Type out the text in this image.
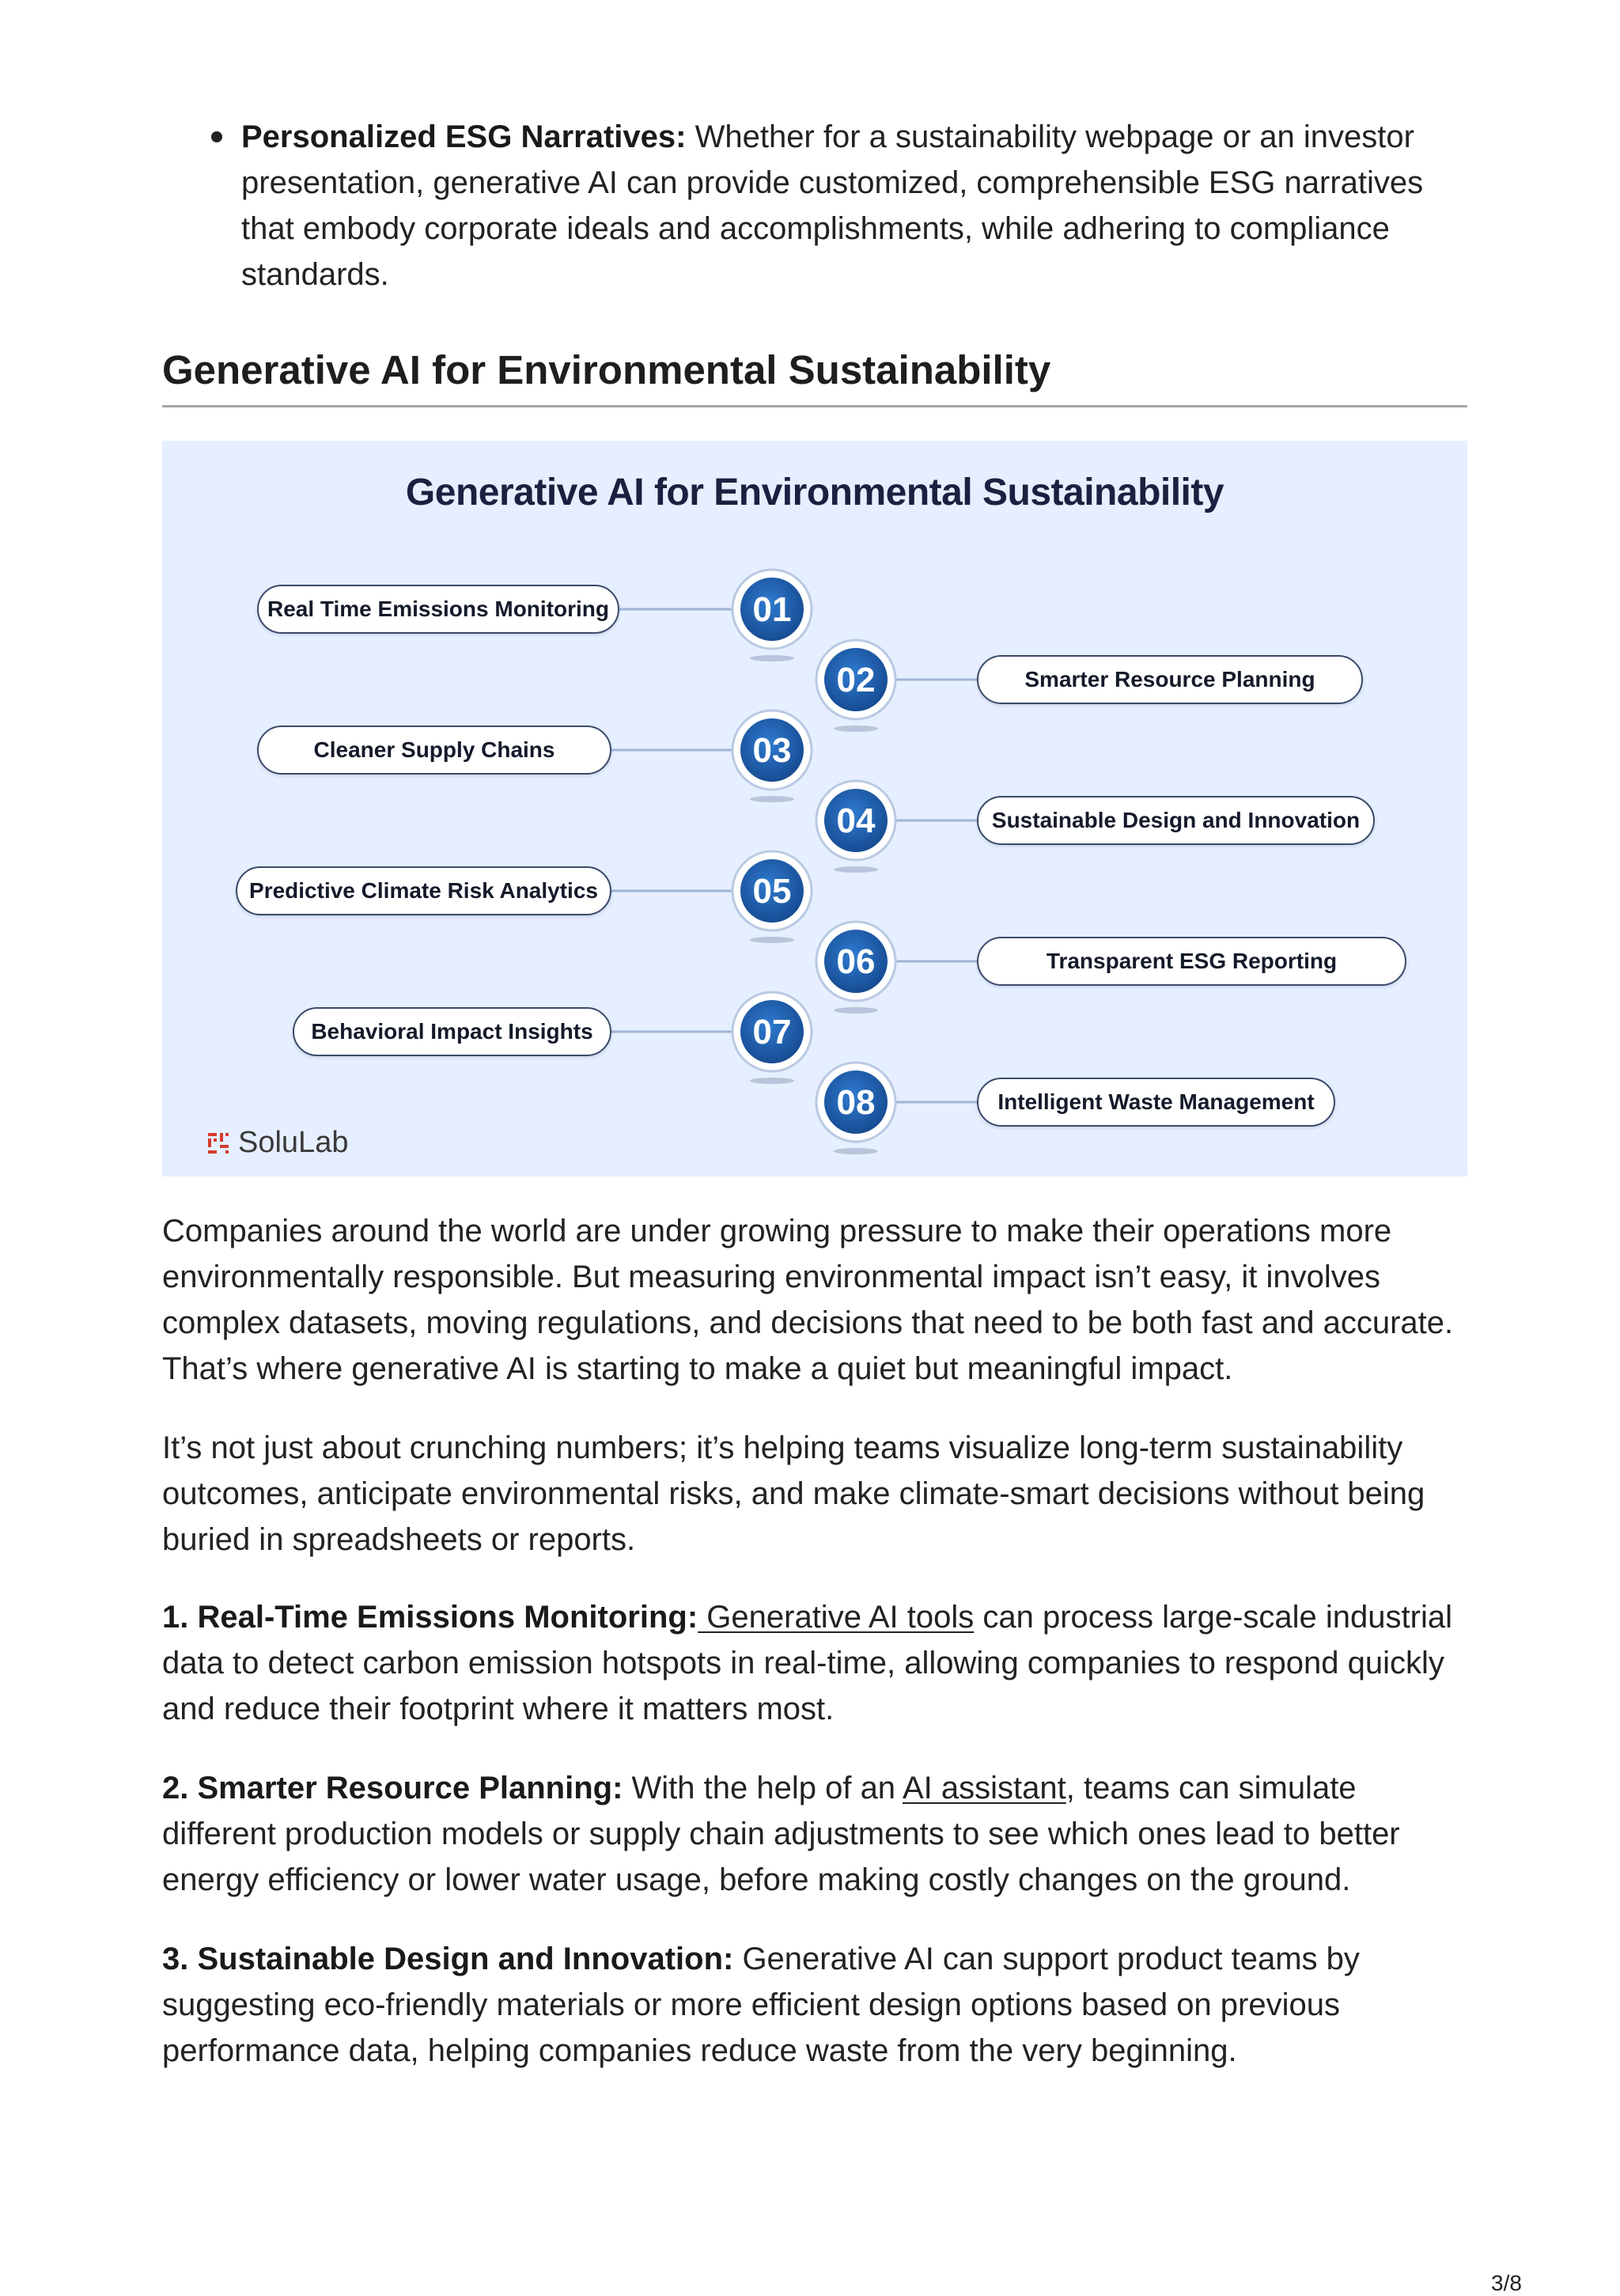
Personalized ESG Narratives: Whether for a sustainability webpage or an investor presentation, generative AI can provide customized, comprehensible ESG narratives that embody corporate ideals and accomplishments, while adhering to compliance standards.
Generative AI for Environmental Sustainability
Generative AI for Environmental Sustainability
01
02
03
04
05
06
07
08
Real Time Emissions Monitoring
Smarter Resource Planning
Cleaner Supply Chains
Sustainable Design and Innovation
Predictive Climate Risk Analytics
Transparent ESG Reporting
Behavioral Impact Insights
Intelligent Waste Management
SoluLab

Companies around the world are under growing pressure to make their operations more environmentally responsible. But measuring environmental impact isn’t easy, it involves complex datasets, moving regulations, and decisions that need to be both fast and accurate. That’s where generative AI is starting to make a quiet but meaningful impact.

It’s not just about crunching numbers; it’s helping teams visualize long-term sustainability outcomes, anticipate environmental risks, and make climate-smart decisions without being buried in spreadsheets or reports.

1. Real-Time Emissions Monitoring: Generative AI tools can process large-scale industrial data to detect carbon emission hotspots in real-time, allowing companies to respond quickly and reduce their footprint where it matters most.

2. Smarter Resource Planning: With the help of an AI assistant, teams can simulate different production models or supply chain adjustments to see which ones lead to better energy efficiency or lower water usage, before making costly changes on the ground.

3. Sustainable Design and Innovation: Generative AI can support product teams by suggesting eco-friendly materials or more efficient design options based on previous performance data, helping companies reduce waste from the very beginning.

3/8
